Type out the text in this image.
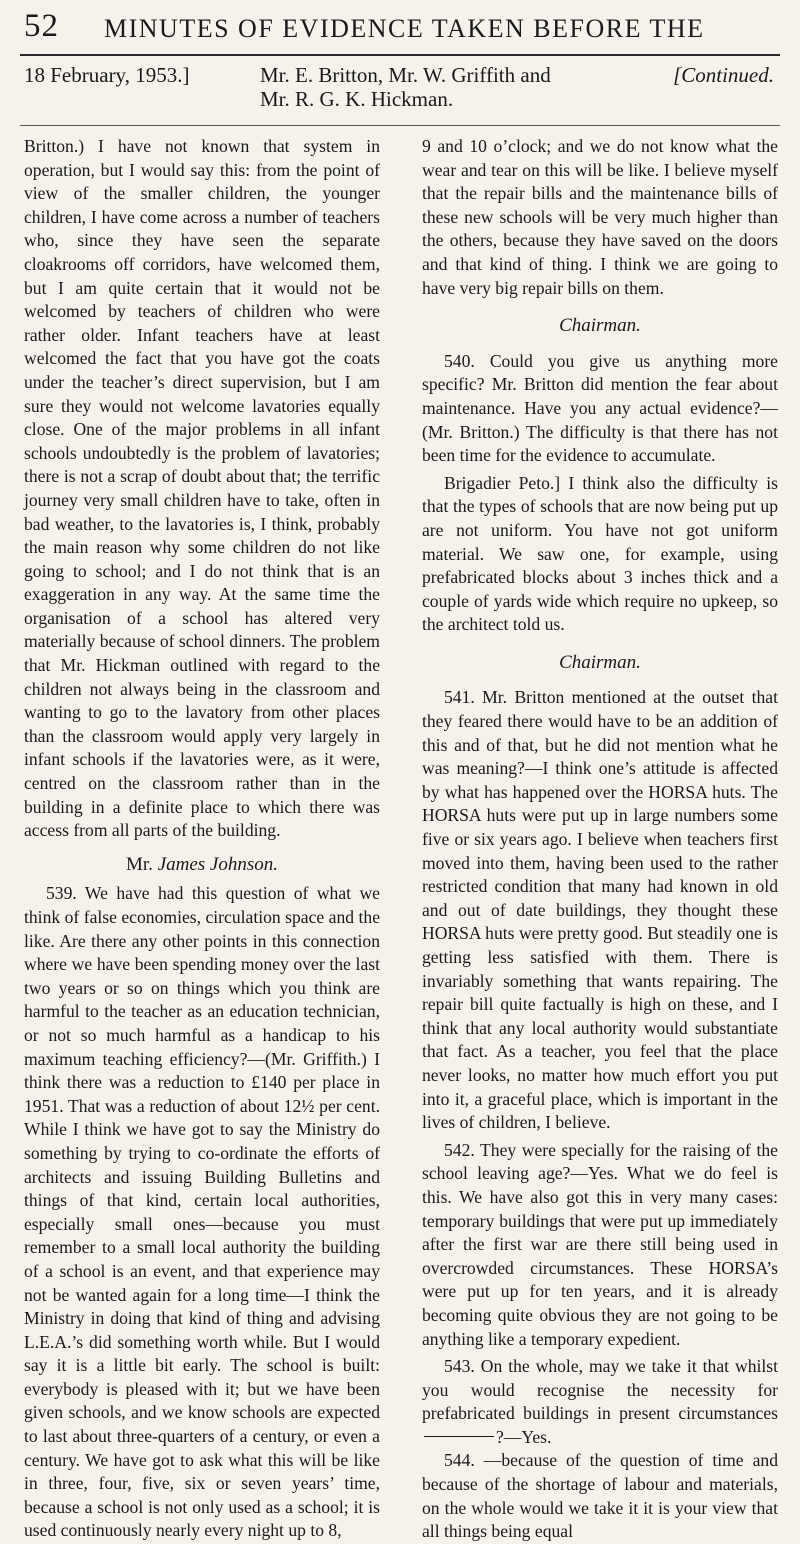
52 MINUTES OF EVIDENCE TAKEN BEFORE THE
18 February, 1953.]	Mr. E. Britton, Mr. W. Griffith and
Mr. R. G. K. Hickman.
[Continued.

Britton.) I have not known that system in operation, but I would say this: from the point of view of the smaller children, the younger children, I have come across a number of teachers who, since they have seen the separate cloakrooms off corridors, have welcomed them, but I am quite certain that it would not be welcomed by teachers of children who were rather older. Infant teachers have at least welcomed the fact that you have got the coats under the teacher’s direct supervision, but I am sure they would not welcome lavatories equally close. One of the major problems in all infant schools undoubtedly is the problem of lavatories; there is not a scrap of doubt about that; the terrific journey very small children have to take, often in bad weather, to the lavatories is, I think, probably the main reason why some children do not like going to school; and I do not think that is an exaggeration in any way. At the same time the organisation of a school has altered very materially because of school dinners. The problem that Mr. Hickman outlined with regard to the children not always being in the classroom and wanting to go to the lavatory from other places than the classroom would apply very largely in infant schools if the lavatories were, as it were, centred on the classroom rather than in the building in a definite place to which there was access from all parts of the building.

Mr. James Johnson.

539. We have had this question of what we think of false economies, circulation space and the like. Are there any other points in this connection where we have been spending money over the last two years or so on things which you think are harmful to the teacher as an education technician, or not so much harmful as a handicap to his maximum teaching efficiency?—(Mr. Griffith.) I think there was a reduction to £140 per place in 1951. That was a reduction of about 12½ per cent. While I think we have got to say the Ministry do something by trying to co-ordinate the efforts of architects and issuing Building Bulletins and things of that kind, certain local authorities, especially small ones—because you must remember to a small local authority the building of a school is an event, and that experience may not be wanted again for a long time—I think the Ministry in doing that kind of thing and advising L.E.A.’s did something worth while. But I would say it is a little bit early. The school is built: everybody is pleased with it; but we have been given schools, and we know schools are expected to last about three-quarters of a century, or even a century. We have got to ask what this will be like in three, four, five, six or seven years’ time, because a school is not only used as a school; it is used continuously nearly every night up to 8,

9 and 10 o’clock; and we do not know what the wear and tear on this will be like. I believe myself that the repair bills and the maintenance bills of these new schools will be very much higher than the others, because they have saved on the doors and that kind of thing. I think we are going to have very big repair bills on them.

Chairman.

540. Could you give us anything more specific? Mr. Britton did mention the fear about maintenance. Have you any actual evidence?—(Mr. Britton.) The difficulty is that there has not been time for the evidence to accumulate.

Brigadier Peto.] I think also the difficulty is that the types of schools that are now being put up are not uniform. You have not got uniform material. We saw one, for example, using prefabricated blocks about 3 inches thick and a couple of yards wide which require no upkeep, so the architect told us.

Chairman.

541. Mr. Britton mentioned at the outset that they feared there would have to be an addition of this and of that, but he did not mention what he was meaning?—I think one’s attitude is affected by what has happened over the HORSA huts. The HORSA huts were put up in large numbers some five or six years ago. I believe when teachers first moved into them, having been used to the rather restricted condition that many had known in old and out of date buildings, they thought these HORSA huts were pretty good. But steadily one is getting less satisfied with them. There is invariably something that wants repairing. The repair bill quite factually is high on these, and I think that any local authority would substantiate that fact. As a teacher, you feel that the place never looks, no matter how much effort you put into it, a graceful place, which is important in the lives of children, I believe.

542. They were specially for the raising of the school leaving age?—Yes. What we do feel is this. We have also got this in very many cases: temporary buildings that were put up immediately after the first war are there still being used in overcrowded circumstances. These HORSA’s were put up for ten years, and it is already becoming quite obvious they are not going to be anything like a temporary expedient.

543. On the whole, may we take it that whilst you would recognise the necessity for prefabricated buildings in present circumstances?—Yes.

544. —because of the question of time and because of the shortage of labour and materials, on the whole would we take it it is your view that all things being equal
